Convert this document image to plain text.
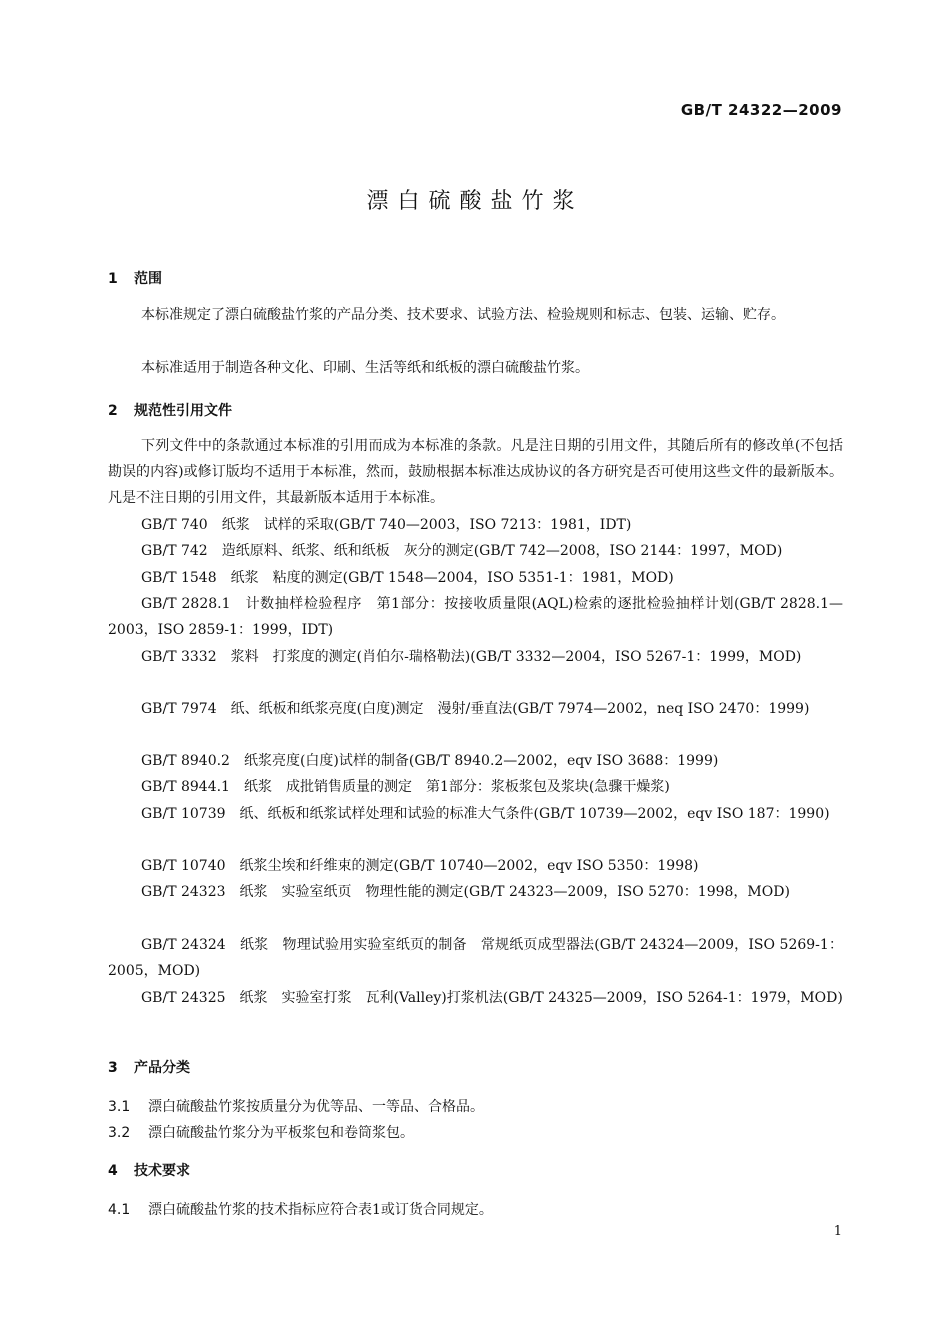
GB/T 24322—2009
漂白硫酸盐竹浆
1 范围
本标准规定了漂白硫酸盐竹浆的产品分类、技术要求、试验方法、检验规则和标志、包装、运输、贮存。
本标准适用于制造各种文化、印刷、生活等纸和纸板的漂白硫酸盐竹浆。
2 规范性引用文件
下列文件中的条款通过本标准的引用而成为本标准的条款。凡是注日期的引用文件，其随后所有的修改单(不包括勘误的内容)或修订版均不适用于本标准，然而，鼓励根据本标准达成协议的各方研究是否可使用这些文件的最新版本。凡是不注日期的引用文件，其最新版本适用于本标准。
GB/T 740　纸浆　试样的采取(GB/T 740—2003，ISO 7213：1981，IDT)
GB/T 742　造纸原料、纸浆、纸和纸板　灰分的测定(GB/T 742—2008，ISO 2144：1997，MOD)
GB/T 1548　纸浆　粘度的测定(GB/T 1548—2004，ISO 5351-1：1981，MOD)
GB/T 2828.1　计数抽样检验程序　第1部分：按接收质量限(AQL)检索的逐批检验抽样计划(GB/T 2828.1—2003，ISO 2859-1：1999，IDT)
GB/T 3332　浆料　打浆度的测定(肖伯尔-瑞格勒法)(GB/T 3332—2004，ISO 5267-1：1999，MOD)
GB/T 7974　纸、纸板和纸浆亮度(白度)测定　漫射/垂直法(GB/T 7974—2002，neq ISO 2470：1999)
GB/T 8940.2　纸浆亮度(白度)试样的制备(GB/T 8940.2—2002，eqv ISO 3688：1999)
GB/T 8944.1　纸浆　成批销售质量的测定　第1部分：浆板浆包及浆块(急骤干燥浆)
GB/T 10739　纸、纸板和纸浆试样处理和试验的标准大气条件(GB/T 10739—2002，eqv ISO 187：1990)
GB/T 10740　纸浆尘埃和纤维束的测定(GB/T 10740—2002，eqv ISO 5350：1998)
GB/T 24323　纸浆　实验室纸页　物理性能的测定(GB/T 24323—2009，ISO 5270：1998，MOD)
GB/T 24324　纸浆　物理试验用实验室纸页的制备　常规纸页成型器法(GB/T 24324—2009，ISO 5269-1：2005，MOD)
GB/T 24325　纸浆　实验室打浆　瓦利(Valley)打浆机法(GB/T 24325—2009，ISO 5264-1：1979，MOD)
3 产品分类
3.1 漂白硫酸盐竹浆按质量分为优等品、一等品、合格品。
3.2 漂白硫酸盐竹浆分为平板浆包和卷筒浆包。
4 技术要求
4.1 漂白硫酸盐竹浆的技术指标应符合表1或订货合同规定。
1
